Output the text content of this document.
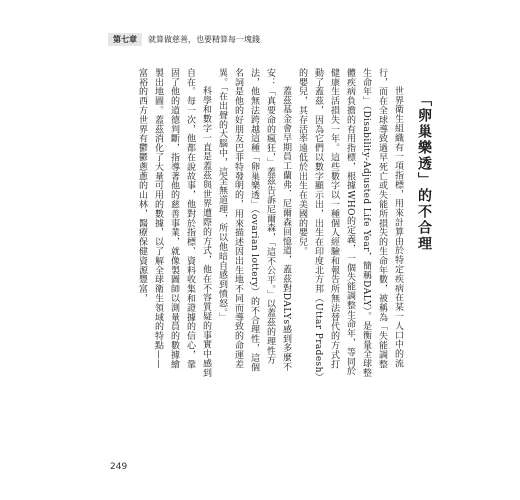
第七章	就算做慈善，也要精算每一塊錢
「卵巢樂透」的不合理

世界衛生組織有一項指標，用來計算由於特定疾病在某一人口中的流行，而在全球導致過早死亡或失能所損失的生命年數，被稱為「失能調整生命年」（Disability-Adjusted Life Year，簡稱DALY）。是衡量全球整體疾病負擔的有用指標，根據WHO的定義，一個失能調整生命年，等同於健康生活損失一年。這些數字以一種個人經驗和報告所無法替代的方式打動了蓋茲，因為它們以數字顯示出，出生在印度北方邦（Uttar Pradesh）的嬰兒，其存活率遠低於出生在美國的嬰兒。

蓋茲基金會早期員工蘭弗．尼爾森回憶道，蓋茲對DALYs感到多麼不安：「真要命的瘋狂，」蓋茲告訴尼爾森，「這不公平。」以蓋茲的理性方法，他無法跨越這種「卵巢樂透」（ovarian lottery）的不合理性，這個名詞是他的好朋友巴菲特發明的，用來描述因出生地不同而導致的命運差異。「在出聲的大腦中，這全無道理，所以他暗自感到憤怒。」

科學和數字一直是蓋茲與世界遭際的方式，他在不容質疑的事實中感到自在。每一次，他都在說故事，他對於指標、資料收集和證據的信心，鞏固了他的道德判斷，指導著他的慈善事業，就像製圖師以測量員的數據繪製出地圖。蓋茲消化了大量可用的數據，以了解全球衛生領域的特點——富裕的西方世界有鬱鬱蔥蔥的山林，醫療保健資源豐富，

249
